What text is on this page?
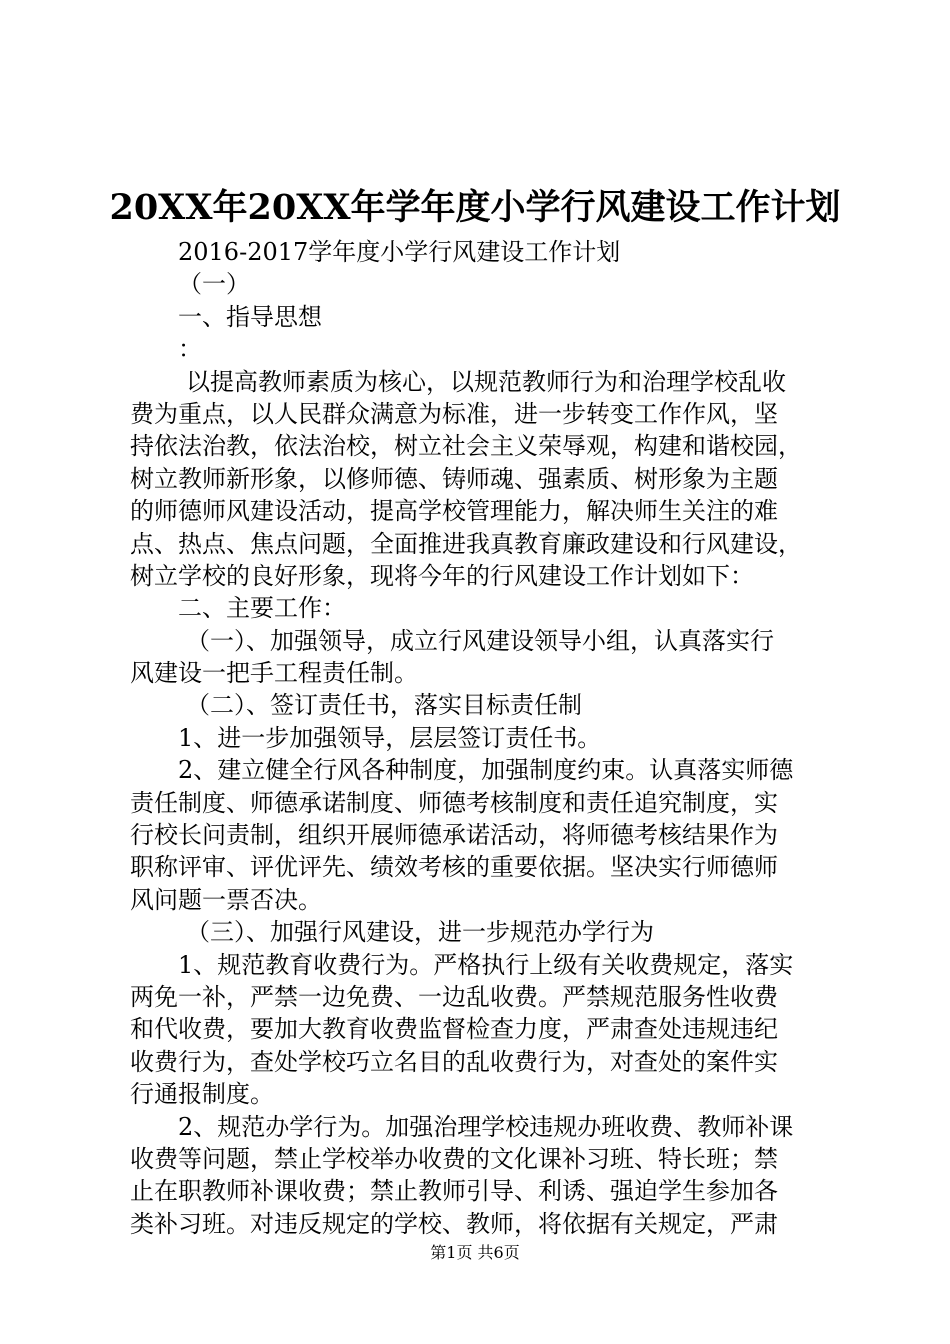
20XX年20XX年学年度小学行风建设工作计划
2016-2017学年度小学行风建设工作计划
（一）
一、指导思想
：
以提高教师素质为核心，以规范教师行为和治理学校乱收
费为重点，以人民群众满意为标准，进一步转变工作作风，坚
持依法治教，依法治校，树立社会主义荣辱观，构建和谐校园，
树立教师新形象，以修师德、铸师魂、强素质、树形象为主题
的师德师风建设活动，提高学校管理能力，解决师生关注的难
点、热点、焦点问题，全面推进我真教育廉政建设和行风建设，
树立学校的良好形象，现将今年的行风建设工作计划如下：
二、主要工作：
（一）、加强领导，成立行风建设领导小组，认真落实行
风建设一把手工程责任制。
（二）、签订责任书，落实目标责任制
1、进一步加强领导，层层签订责任书。
2、建立健全行风各种制度，加强制度约束。认真落实师德
责任制度、师德承诺制度、师德考核制度和责任追究制度，实
行校长问责制，组织开展师德承诺活动，将师德考核结果作为
职称评审、评优评先、绩效考核的重要依据。坚决实行师德师
风问题一票否决。
（三）、加强行风建设，进一步规范办学行为
1、规范教育收费行为。严格执行上级有关收费规定，落实
两免一补，严禁一边免费、一边乱收费。严禁规范服务性收费
和代收费，要加大教育收费监督检查力度，严肃查处违规违纪
收费行为，查处学校巧立名目的乱收费行为，对查处的案件实
行通报制度。
2、规范办学行为。加强治理学校违规办班收费、教师补课
收费等问题，禁止学校举办收费的文化课补习班、特长班；禁
止在职教师补课收费；禁止教师引导、利诱、强迫学生参加各
类补习班。对违反规定的学校、教师，将依据有关规定，严肃
第1页 共6页
